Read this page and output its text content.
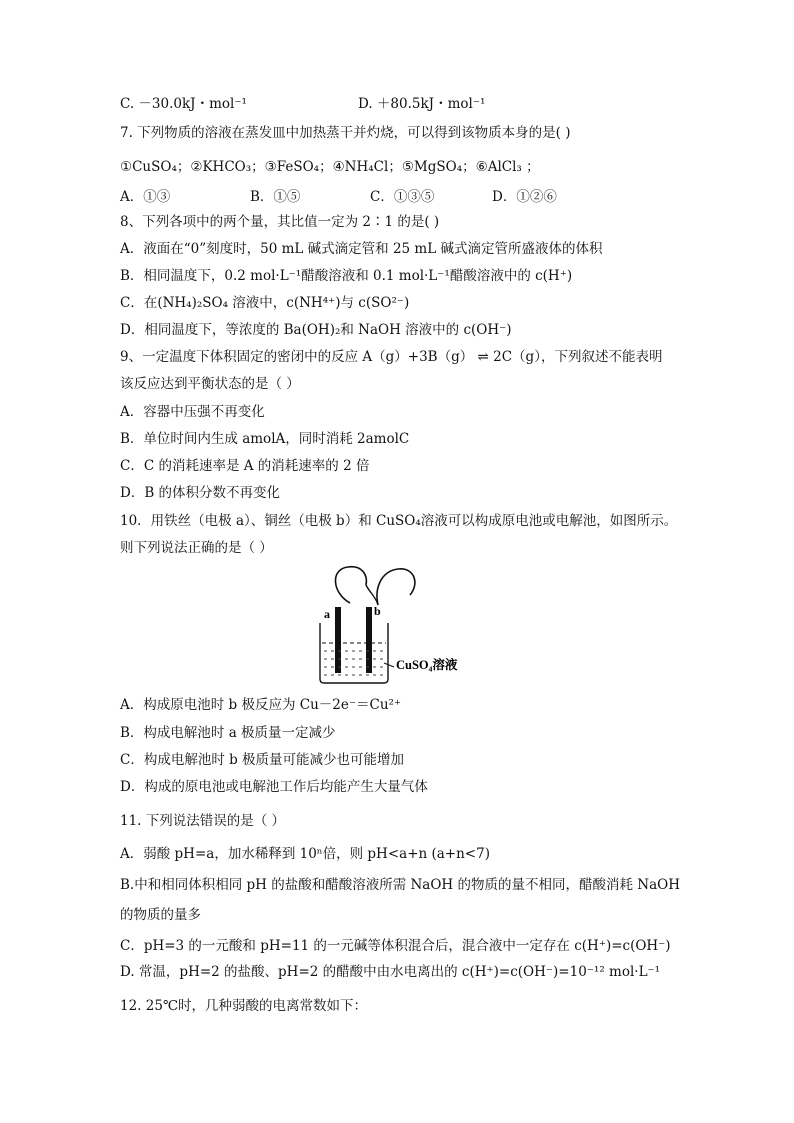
C. －30.0kJ・mol⁻¹	D. ＋80.5kJ・mol⁻¹
7. 下列物质的溶液在蒸发皿中加热蒸干并灼烧，可以得到该物质本身的是( )
①CuSO₄；②KHCO₃；③FeSO₄；④NH₄Cl；⑤MgSO₄；⑥AlCl₃ ；
A．①③	B．①⑤	C．①③⑤	D．①②⑥
8、下列各项中的两个量，其比值一定为 2∶1 的是( )
A．液面在“0”刻度时，50 mL 碱式滴定管和 25 mL 碱式滴定管所盛液体的体积
B．相同温度下，0.2 mol·L⁻¹醋酸溶液和 0.1 mol·L⁻¹醋酸溶液中的 c(H⁺)
C．在(NH₄)₂SO₄ 溶液中，c(NH⁴⁺)与 c(SO²⁻)
D．相同温度下，等浓度的 Ba(OH)₂和 NaOH 溶液中的 c(OH⁻)
9、一定温度下体积固定的密闭中的反应 A（g）+3B（g） ⇌ 2C（g），下列叙述不能表明
该反应达到平衡状态的是（ ）
A．容器中压强不再变化
B．单位时间内生成 amolA，同时消耗 2amolC
C．C 的消耗速率是 A 的消耗速率的 2 倍
D．B 的体积分数不再变化
10．用铁丝（电极 a）、铜丝（电极 b）和 CuSO₄溶液可以构成原电池或电解池，如图所示。
则下列说法正确的是（ ）
a	b
CuSO₄溶液
A．构成原电池时 b 极反应为 Cu－2e⁻＝Cu²⁺
B．构成电解池时 a 极质量一定减少
C．构成电解池时 b 极质量可能减少也可能增加
D．构成的原电池或电解池工作后均能产生大量气体
11. 下列说法错误的是（ ）
A．弱酸 pH=a，加水稀释到 10ⁿ倍，则 pH<a+n (a+n<7)
B.中和相同体积相同 pH 的盐酸和醋酸溶液所需 NaOH 的物质的量不相同，醋酸消耗 NaOH
的物质的量多
C．pH=3 的一元酸和 pH=11 的一元碱等体积混合后，混合液中一定存在 c(H⁺)=c(OH⁻)
D. 常温，pH=2 的盐酸、pH=2 的醋酸中由水电离出的 c(H⁺)=c(OH⁻)=10⁻¹² mol·L⁻¹
12. 25℃时，几种弱酸的电离常数如下：
